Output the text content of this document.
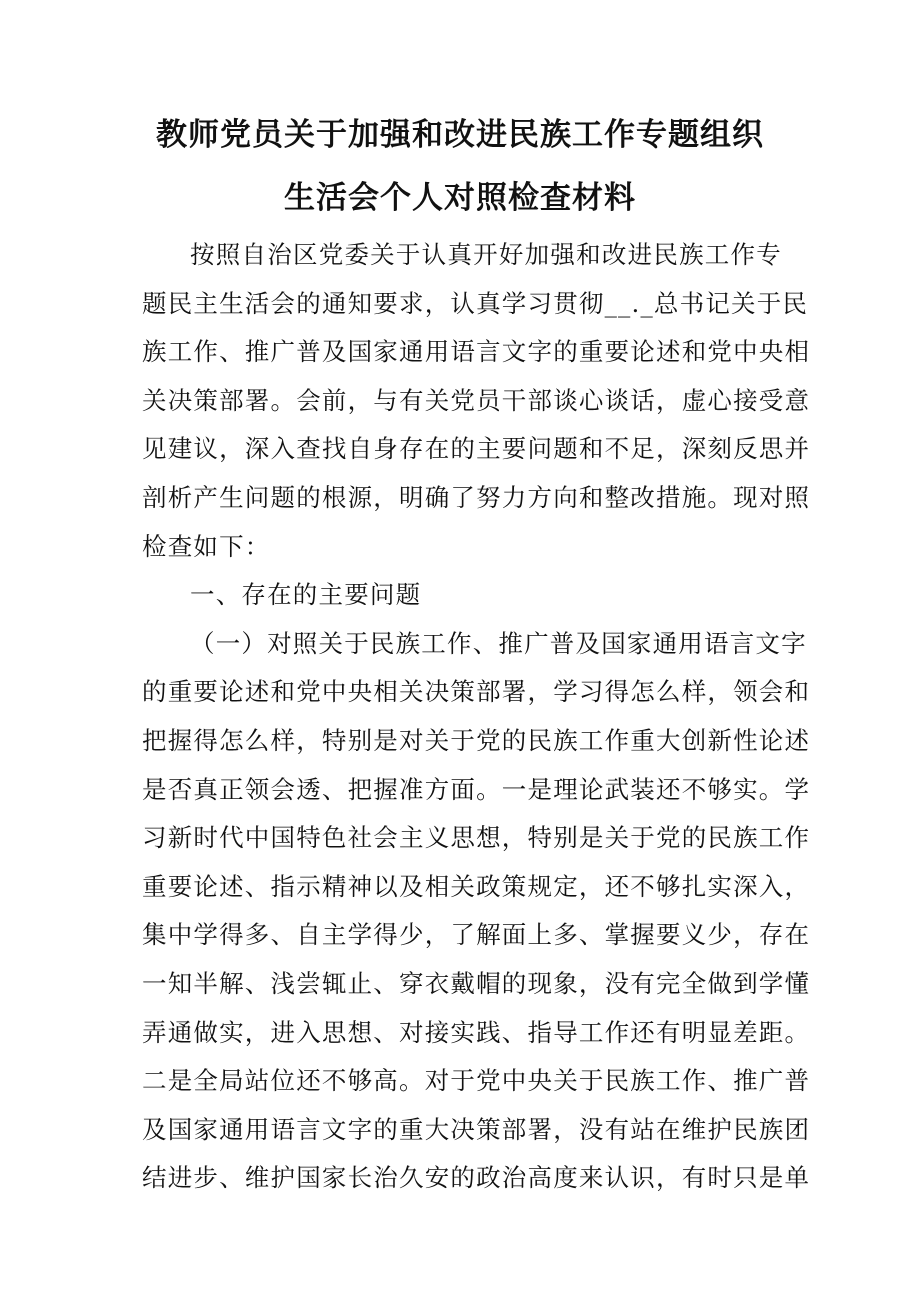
教师党员关于加强和改进民族工作专题组织
生活会个人对照检查材料
按照自治区党委关于认真开好加强和改进民族工作专
题民主生活会的通知要求，认真学习贯彻__._总书记关于民
族工作、推广普及国家通用语言文字的重要论述和党中央相
关决策部署。会前，与有关党员干部谈心谈话，虚心接受意
见建议，深入查找自身存在的主要问题和不足，深刻反思并
剖析产生问题的根源，明确了努力方向和整改措施。现对照
检查如下：
一、存在的主要问题
（一）对照关于民族工作、推广普及国家通用语言文字
的重要论述和党中央相关决策部署，学习得怎么样，领会和
把握得怎么样，特别是对关于党的民族工作重大创新性论述
是否真正领会透、把握准方面。一是理论武装还不够实。学
习新时代中国特色社会主义思想，特别是关于党的民族工作
重要论述、指示精神以及相关政策规定，还不够扎实深入，
集中学得多、自主学得少，了解面上多、掌握要义少，存在
一知半解、浅尝辄止、穿衣戴帽的现象，没有完全做到学懂
弄通做实，进入思想、对接实践、指导工作还有明显差距。
二是全局站位还不够高。对于党中央关于民族工作、推广普
及国家通用语言文字的重大决策部署，没有站在维护民族团
结进步、维护国家长治久安的政治高度来认识，有时只是单
